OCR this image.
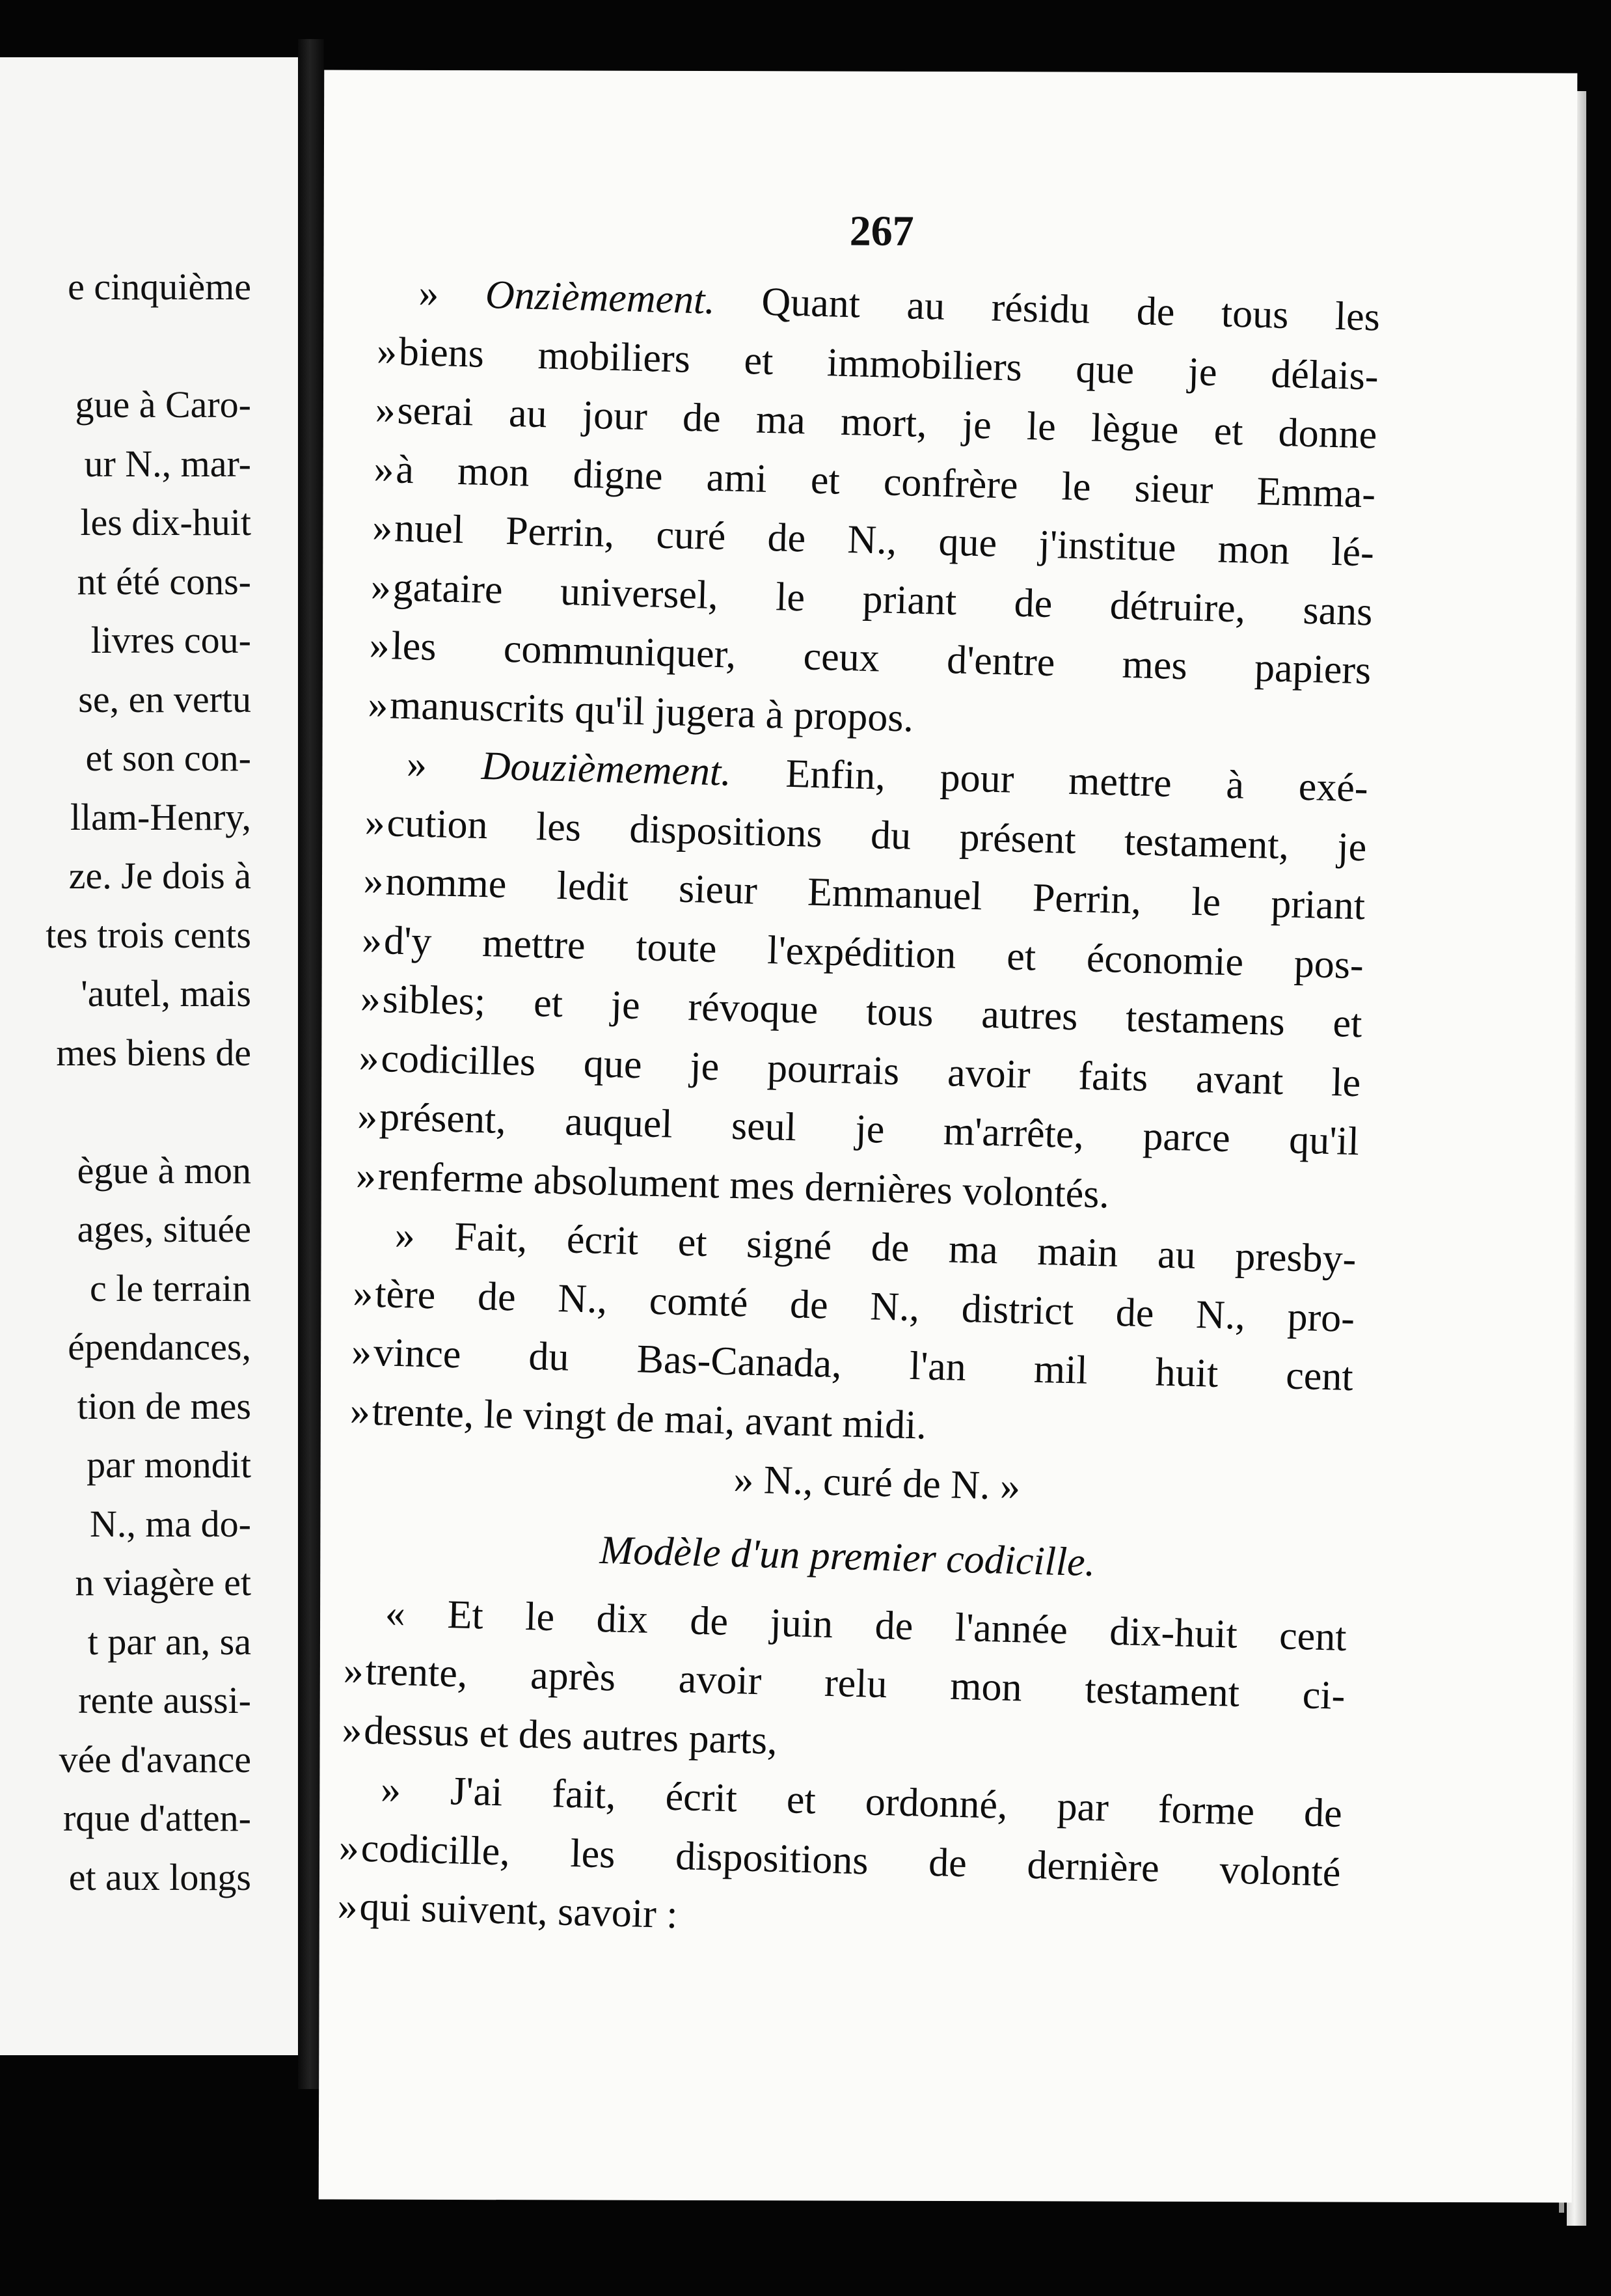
e cinquième
gue à Caro-
ur N., mar-
les dix-huit
nt été cons-
livres cou-
se, en vertu
et son con-
llam-Henry,
ze. Je dois à
tes trois cents
'autel, mais
mes biens de
ègue à mon
ages, située
c le terrain
épendances,
tion de mes
par mondit
N., ma do-
n viagère et
t par an, sa
rente aussi-
vée d'avance
rque d'atten-
et aux longs
267
» Onzièmement. Quant au résidu de tous les
»biens mobiliers et immobiliers que je délais-
»serai au jour de ma mort, je le lègue et donne
»à mon digne ami et confrère le sieur Emma-
»nuel Perrin, curé de N., que j'institue mon lé-
»gataire universel, le priant de détruire, sans
»les communiquer, ceux d'entre mes papiers
»manuscrits qu'il jugera à propos.
» Douzièmement. Enfin, pour mettre à exé-
»cution les dispositions du présent testament, je
»nomme ledit sieur Emmanuel Perrin, le priant
»d'y mettre toute l'expédition et économie pos-
»sibles; et je révoque tous autres testamens et
»codicilles que je pourrais avoir faits avant le
»présent, auquel seul je m'arrête, parce qu'il
»renferme absolument mes dernières volontés.
» Fait, écrit et signé de ma main au presby-
»tère de N., comté de N., district de N., pro-
»vince du Bas-Canada, l'an mil huit cent
»trente, le vingt de mai, avant midi.
» N., curé de N. »
Modèle d'un premier codicille.
« Et le dix de juin de l'année dix-huit cent
»trente, après avoir relu mon testament ci-
»dessus et des autres parts,
» J'ai fait, écrit et ordonné, par forme de
»codicille, les dispositions de dernière volonté
»qui suivent, savoir :
